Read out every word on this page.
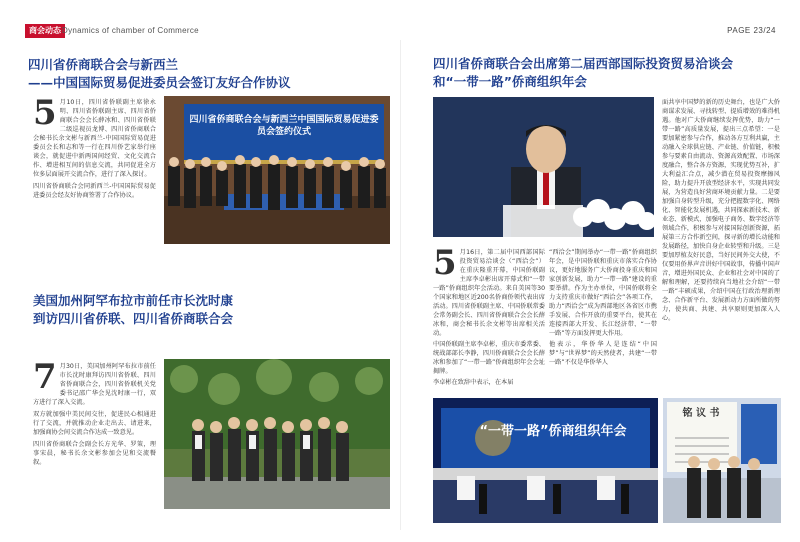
商会动态 Dynamics of chamber of Commerce	PAGE 23/24

四川省侨商联合会与新西兰

——中国国际贸易促进委员会签订友好合作协议

5 月10日，四川省侨联副主席徐永明、四川省侨联副主席、四川省侨商联合会会长薛冰和、四川省侨联二级巡视员龙博、四川省侨商联合会秘书长余文彬与新西兰-中国国际贸易促进委员会长和志和等一行在四川侨艺家举行座谈会，就促进中新两国间经贸、文化交流合作、增进相互间的信息交流，共同促进全方位多层面展开交流合作，进行了深入探讨。

四川省侨商联合会同新西兰-中国国际贸易促进委员会经友好协商签署了合作协议。

四川省侨商联合会与新西兰中国国际贸易促进委员会签约仪式

美国加州阿罕布拉市前任市长沈时康

到访四川省侨联、四川省侨商联合会

7 月30日，美国加州阿罕布拉市前任市长沈时康拜访四川省侨联、四川省侨商联合会，四川省侨联机关党委书记邵广华会见沈时康一行，双方进行了深入交流。

双方就加强中美民间交往，促进民心相通进行了交流，并就推动企业走出去、请进来，加强商协会间交流合作达成一致意见。

四川省侨商联合会副会长方光华、罗策，理事宋晨，秘书长余文彬参加会见和交流餐叙。

四川省侨商联合会出席第二届西部国际投资贸易洽谈会

和“一带一路”侨商组织年会

面共享中国梦的新的历史舞台，也是广大侨商谋求发展、寻找转型、提质增效的难得机遇。他对广大侨商继续发挥优势，助力“一带一路”高质量发展，提出三点希望：一是要加紧密参与合作，推动各方互利共赢，主动融入全球供应链、产业链、价值链，积极参与要素自由流动、资源高效配置、市场深度融合，整合各方资源，实现优势互补，扩大利益汇合点，减少潜在贸易投资摩擦风险，助力提升开放型经济水平，实现共同发展，为营造良好营商环境贡献力量。二是要加强自身转型升级，充分把握数字化、网络化、智能化发展机遇，共同探索新技术、新业态、新模式，加强电子商务、数字经济等领域合作，积极参与对接国际创新资源，拓展第三方合作新空间，探寻新的增长动能和发展路径，加快自身企业转型和升级。三是要加厚植友好民意，当好民间外交大使，不仅要用侨界声音讲好中国故事，传播中国声音，增进外国民众、企业和社会对中国的了解和理解，还要持续向当地社会介绍“一带一路”丰硕成果，介绍中国在行政治理新理念、合作新平台、发展新动力方面所做的努力，使共商、共建、共享原则更加深入人心。

5 月16日，第二届中国西部国际投资贸易洽谈会（“西洽会”）在重庆隆重开幕，中国侨联副主席李卓彬出席开幕式和“一带一路”侨商组织年会活动。来自美国等30个国家和地区近200名侨商侨领代表出席活动。四川省侨联副主席、中国侨联常委会常务副会长、四川省侨商联合会会长薛冰和，商会秘书长余文彬等出席相关活动。

中国侨联副主席李卓彬，重庆市委常委、统战部部长李静，四川侨商联合会会长薛冰和参加了“一带一路”侨商组织年会会址揭牌。

李卓彬在致辞中表示，在本届

“西洽会”期间举办“一带一路”侨商组织年会，是中国侨联和重庆市落实合作协议，更好地服务广大侨商投身重庆和国家创新发展，助力“一带一路”建设的重要举措。作为主办单位，中国侨联将全力支持重庆市做好“西洽会”各项工作，助力“西洽会”成为西部地区各省区市携手发展、合作开放的重要平台，使其在连接西部大开发、长江经济带、“一带一路”等方面发挥更大作用。

他表示，华侨华人是连结“中国梦”与“世界梦”的天然使者，共建“一带一路”不仅是华侨华人

“一带一路”侨商组织年会
铭 议 书
